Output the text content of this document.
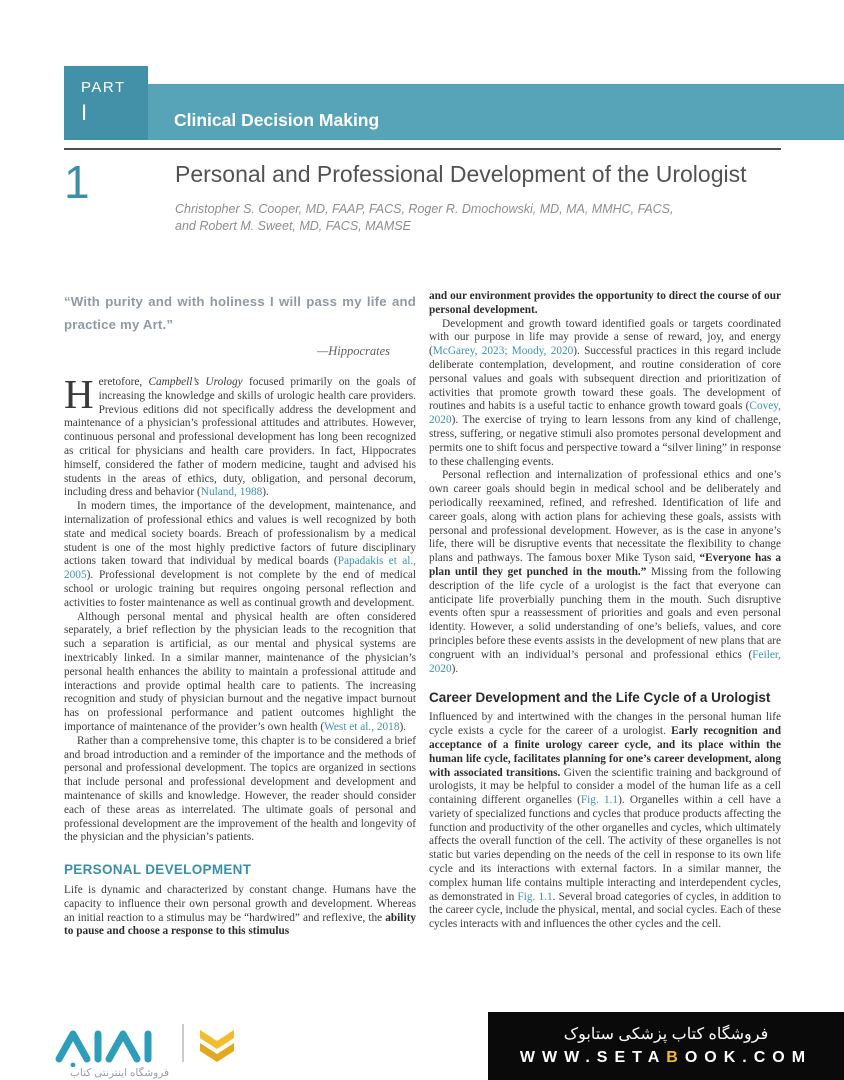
PART
I	Clinical Decision Making
1	Personal and Professional Development of the Urologist

Christopher S. Cooper, MD, FAAP, FACS, Roger R. Dmochowski, MD, MA, MMHC, FACS,
and Robert M. Sweet, MD, FACS, MAMSE

“With purity and with holiness I will pass my life and practice my Art.”

—Hippocrates

Heretofore, Campbell’s Urology focused primarily on the goals of increasing the knowledge and skills of urologic health care providers. Previous editions did not specifically address the development and maintenance of a physician’s professional attitudes and attributes. However, continuous personal and professional development has long been recognized as critical for physicians and health care providers. In fact, Hippocrates himself, considered the father of modern medicine, taught and advised his students in the areas of ethics, duty, obligation, and personal decorum, including dress and behavior (Nuland, 1988).

In modern times, the importance of the development, maintenance, and internalization of professional ethics and values is well recognized by both state and medical society boards. Breach of professionalism by a medical student is one of the most highly predictive factors of future disciplinary actions taken toward that individual by medical boards (Papadakis et al., 2005). Professional development is not complete by the end of medical school or urologic training but requires ongoing personal reflection and activities to foster maintenance as well as continual growth and development.

Although personal mental and physical health are often considered separately, a brief reflection by the physician leads to the recognition that such a separation is artificial, as our mental and physical systems are inextricably linked. In a similar manner, maintenance of the physician’s personal health enhances the ability to maintain a professional attitude and interactions and provide optimal health care to patients. The increasing recognition and study of physician burnout and the negative impact burnout has on professional performance and patient outcomes highlight the importance of maintenance of the provider’s own health (West et al., 2018).

Rather than a comprehensive tome, this chapter is to be considered a brief and broad introduction and a reminder of the importance and the methods of personal and professional development. The topics are organized in sections that include personal and professional development and development and maintenance of skills and knowledge. However, the reader should consider each of these areas as interrelated. The ultimate goals of personal and professional development are the improvement of the health and longevity of the physician and the physician’s patients.

PERSONAL DEVELOPMENT

Life is dynamic and characterized by constant change. Humans have the capacity to influence their own personal growth and development. Whereas an initial reaction to a stimulus may be “hardwired” and reflexive, the ability to pause and choose a response to this stimulus

and our environment provides the opportunity to direct the course of our personal development.

Development and growth toward identified goals or targets coordinated with our purpose in life may provide a sense of reward, joy, and energy (McGarey, 2023; Moody, 2020). Successful practices in this regard include deliberate contemplation, development, and routine consideration of core personal values and goals with subsequent direction and prioritization of activities that promote growth toward these goals. The development of routines and habits is a useful tactic to enhance growth toward goals (Covey, 2020). The exercise of trying to learn lessons from any kind of challenge, stress, suffering, or negative stimuli also promotes personal development and permits one to shift focus and perspective toward a “silver lining” in response to these challenging events.

Personal reflection and internalization of professional ethics and one’s own career goals should begin in medical school and be deliberately and periodically reexamined, refined, and refreshed. Identification of life and career goals, along with action plans for achieving these goals, assists with personal and professional development. However, as is the case in anyone’s life, there will be disruptive events that necessitate the flexibility to change plans and pathways. The famous boxer Mike Tyson said, “Everyone has a plan until they get punched in the mouth.” Missing from the following description of the life cycle of a urologist is the fact that everyone can anticipate life proverbially punching them in the mouth. Such disruptive events often spur a reassessment of priorities and goals and even personal identity. However, a solid understanding of one’s beliefs, values, and core principles before these events assists in the development of new plans that are congruent with an individual’s personal and professional ethics (Feiler, 2020).

Career Development and the Life Cycle of a Urologist

Influenced by and intertwined with the changes in the personal human life cycle exists a cycle for the career of a urologist. Early recognition and acceptance of a finite urology career cycle, and its place within the human life cycle, facilitates planning for one’s career development, along with associated transitions. Given the scientific training and background of urologists, it may be helpful to consider a model of the human life as a cell containing different organelles (Fig. 1.1). Organelles within a cell have a variety of specialized functions and cycles that produce products affecting the function and productivity of the other organelles and cycles, which ultimately affects the overall function of the cell. The activity of these organelles is not static but varies depending on the needs of the cell in response to its own life cycle and its interactions with external factors. In a similar manner, the complex human life contains multiple interacting and interdependent cycles, as demonstrated in Fig. 1.1. Several broad categories of cycles, in addition to the career cycle, include the physical, mental, and social cycles. Each of these cycles interacts with and influences the other cycles and the cell.

فروشگاه اینترنتی کتاب
فروشگاه کتاب پزشکی ستابوک
WWW.SETABOOK.COM
